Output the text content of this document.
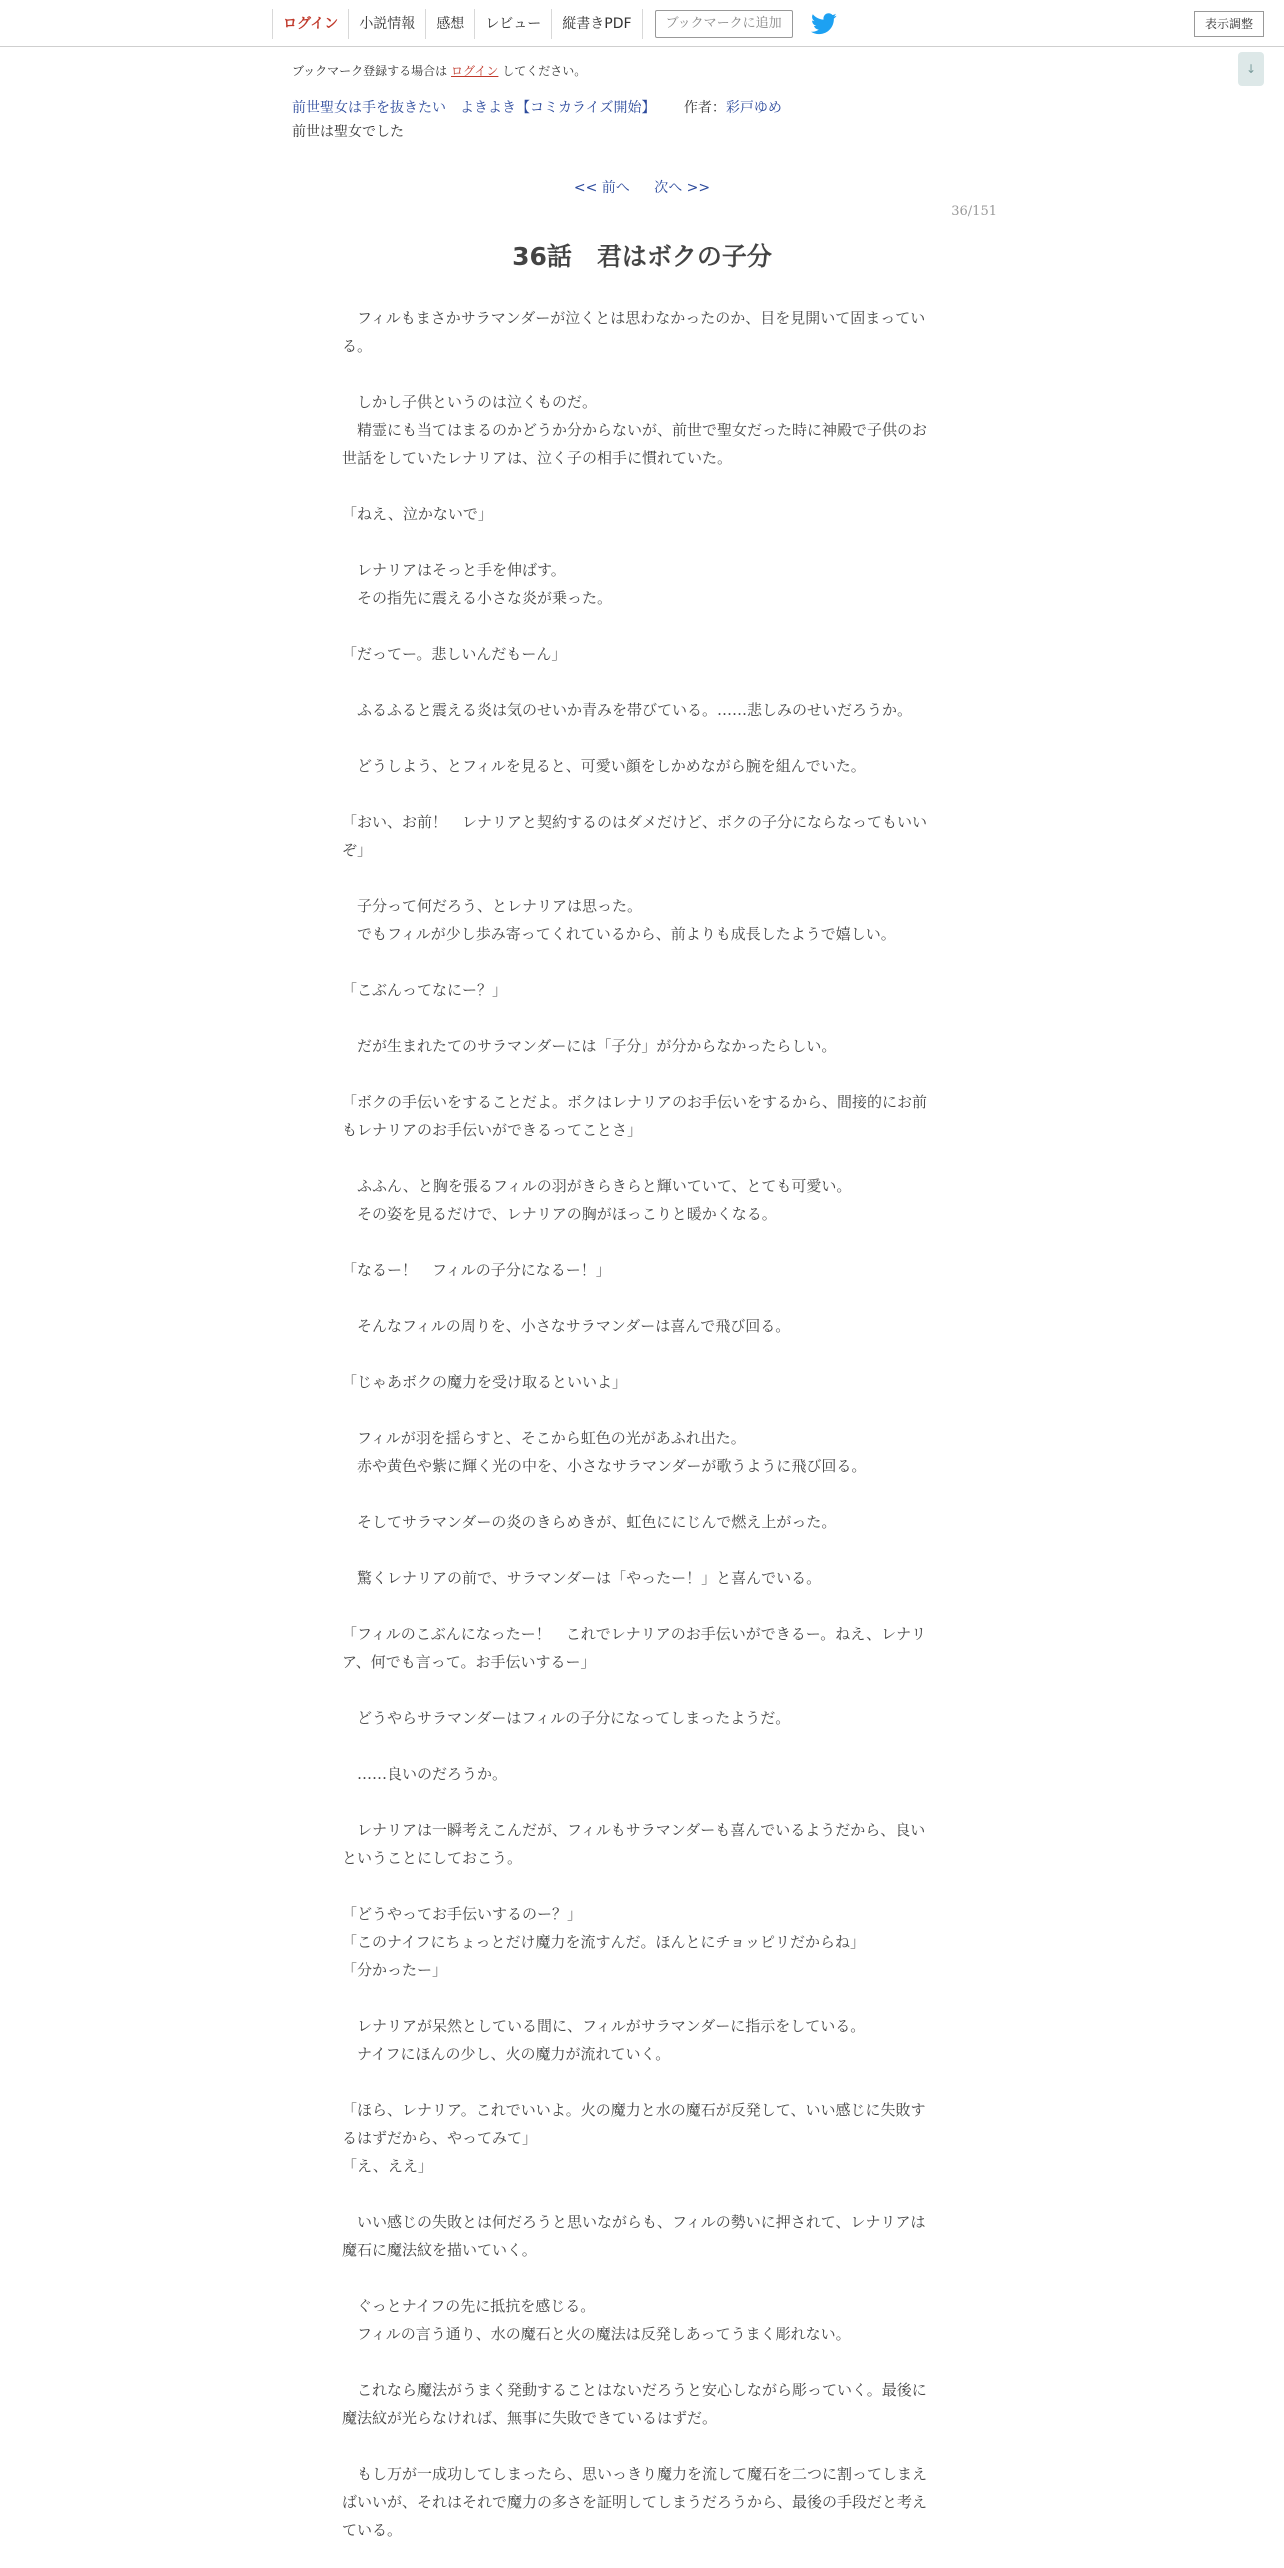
ログイン	小説情報	感想	レビュー	縦書きPDF	ブックマークに追加	表示調整
↓
ブックマーク登録する場合は ログイン してください。
前世聖女は手を抜きたい　よきよき【コミカライズ開始】 作者：彩戸ゆめ
前世は聖女でした
<< 前へ 次へ >>
36/151
36話　君はボクの子分

　フィルもまさかサラマンダーが泣くとは思わなかったのか、目を見開いて固まっている。

　しかし子供というのは泣くものだ。

　精霊にも当てはまるのかどうか分からないが、前世で聖女だった時に神殿で子供のお世話をしていたレナリアは、泣く子の相手に慣れていた。

「ねえ、泣かないで」

　レナリアはそっと手を伸ばす。

　その指先に震える小さな炎が乗った。

「だってー。悲しいんだもーん」

　ふるふると震える炎は気のせいか青みを帯びている。……悲しみのせいだろうか。

　どうしよう、とフィルを見ると、可愛い顔をしかめながら腕を組んでいた。

「おい、お前！　レナリアと契約するのはダメだけど、ボクの子分にならなってもいいぞ」

　子分って何だろう、とレナリアは思った。

　でもフィルが少し歩み寄ってくれているから、前よりも成長したようで嬉しい。

「こぶんってなにー？」

　だが生まれたてのサラマンダーには「子分」が分からなかったらしい。

「ボクの手伝いをすることだよ。ボクはレナリアのお手伝いをするから、間接的にお前もレナリアのお手伝いができるってことさ」

　ふふん、と胸を張るフィルの羽がきらきらと輝いていて、とても可愛い。

　その姿を見るだけで、レナリアの胸がほっこりと暖かくなる。

「なるー！　フィルの子分になるー！」

　そんなフィルの周りを、小さなサラマンダーは喜んで飛び回る。

「じゃあボクの魔力を受け取るといいよ」

　フィルが羽を揺らすと、そこから虹色の光があふれ出た。

　赤や黄色や紫に輝く光の中を、小さなサラマンダーが歌うように飛び回る。

　そしてサラマンダーの炎のきらめきが、虹色ににじんで燃え上がった。

　驚くレナリアの前で、サラマンダーは「やったー！」と喜んでいる。

「フィルのこぶんになったー！　これでレナリアのお手伝いができるー。ねえ、レナリア、何でも言って。お手伝いするー」

　どうやらサラマンダーはフィルの子分になってしまったようだ。

　……良いのだろうか。

　レナリアは一瞬考えこんだが、フィルもサラマンダーも喜んでいるようだから、良いということにしておこう。

「どうやってお手伝いするのー？」

「このナイフにちょっとだけ魔力を流すんだ。ほんとにチョッピリだからね」

「分かったー」

　レナリアが呆然としている間に、フィルがサラマンダーに指示をしている。

　ナイフにほんの少し、火の魔力が流れていく。

「ほら、レナリア。これでいいよ。火の魔力と水の魔石が反発して、いい感じに失敗するはずだから、やってみて」

「え、ええ」

　いい感じの失敗とは何だろうと思いながらも、フィルの勢いに押されて、レナリアは魔石に魔法紋を描いていく。

　ぐっとナイフの先に抵抗を感じる。

　フィルの言う通り、水の魔石と火の魔法は反発しあってうまく彫れない。

　これなら魔法がうまく発動することはないだろうと安心しながら彫っていく。最後に魔法紋が光らなければ、無事に失敗できているはずだ。

　もし万が一成功してしまったら、思いっきり魔力を流して魔石を二つに割ってしまえばいいが、それはそれで魔力の多さを証明してしまうだろうから、最後の手段だと考えている。
